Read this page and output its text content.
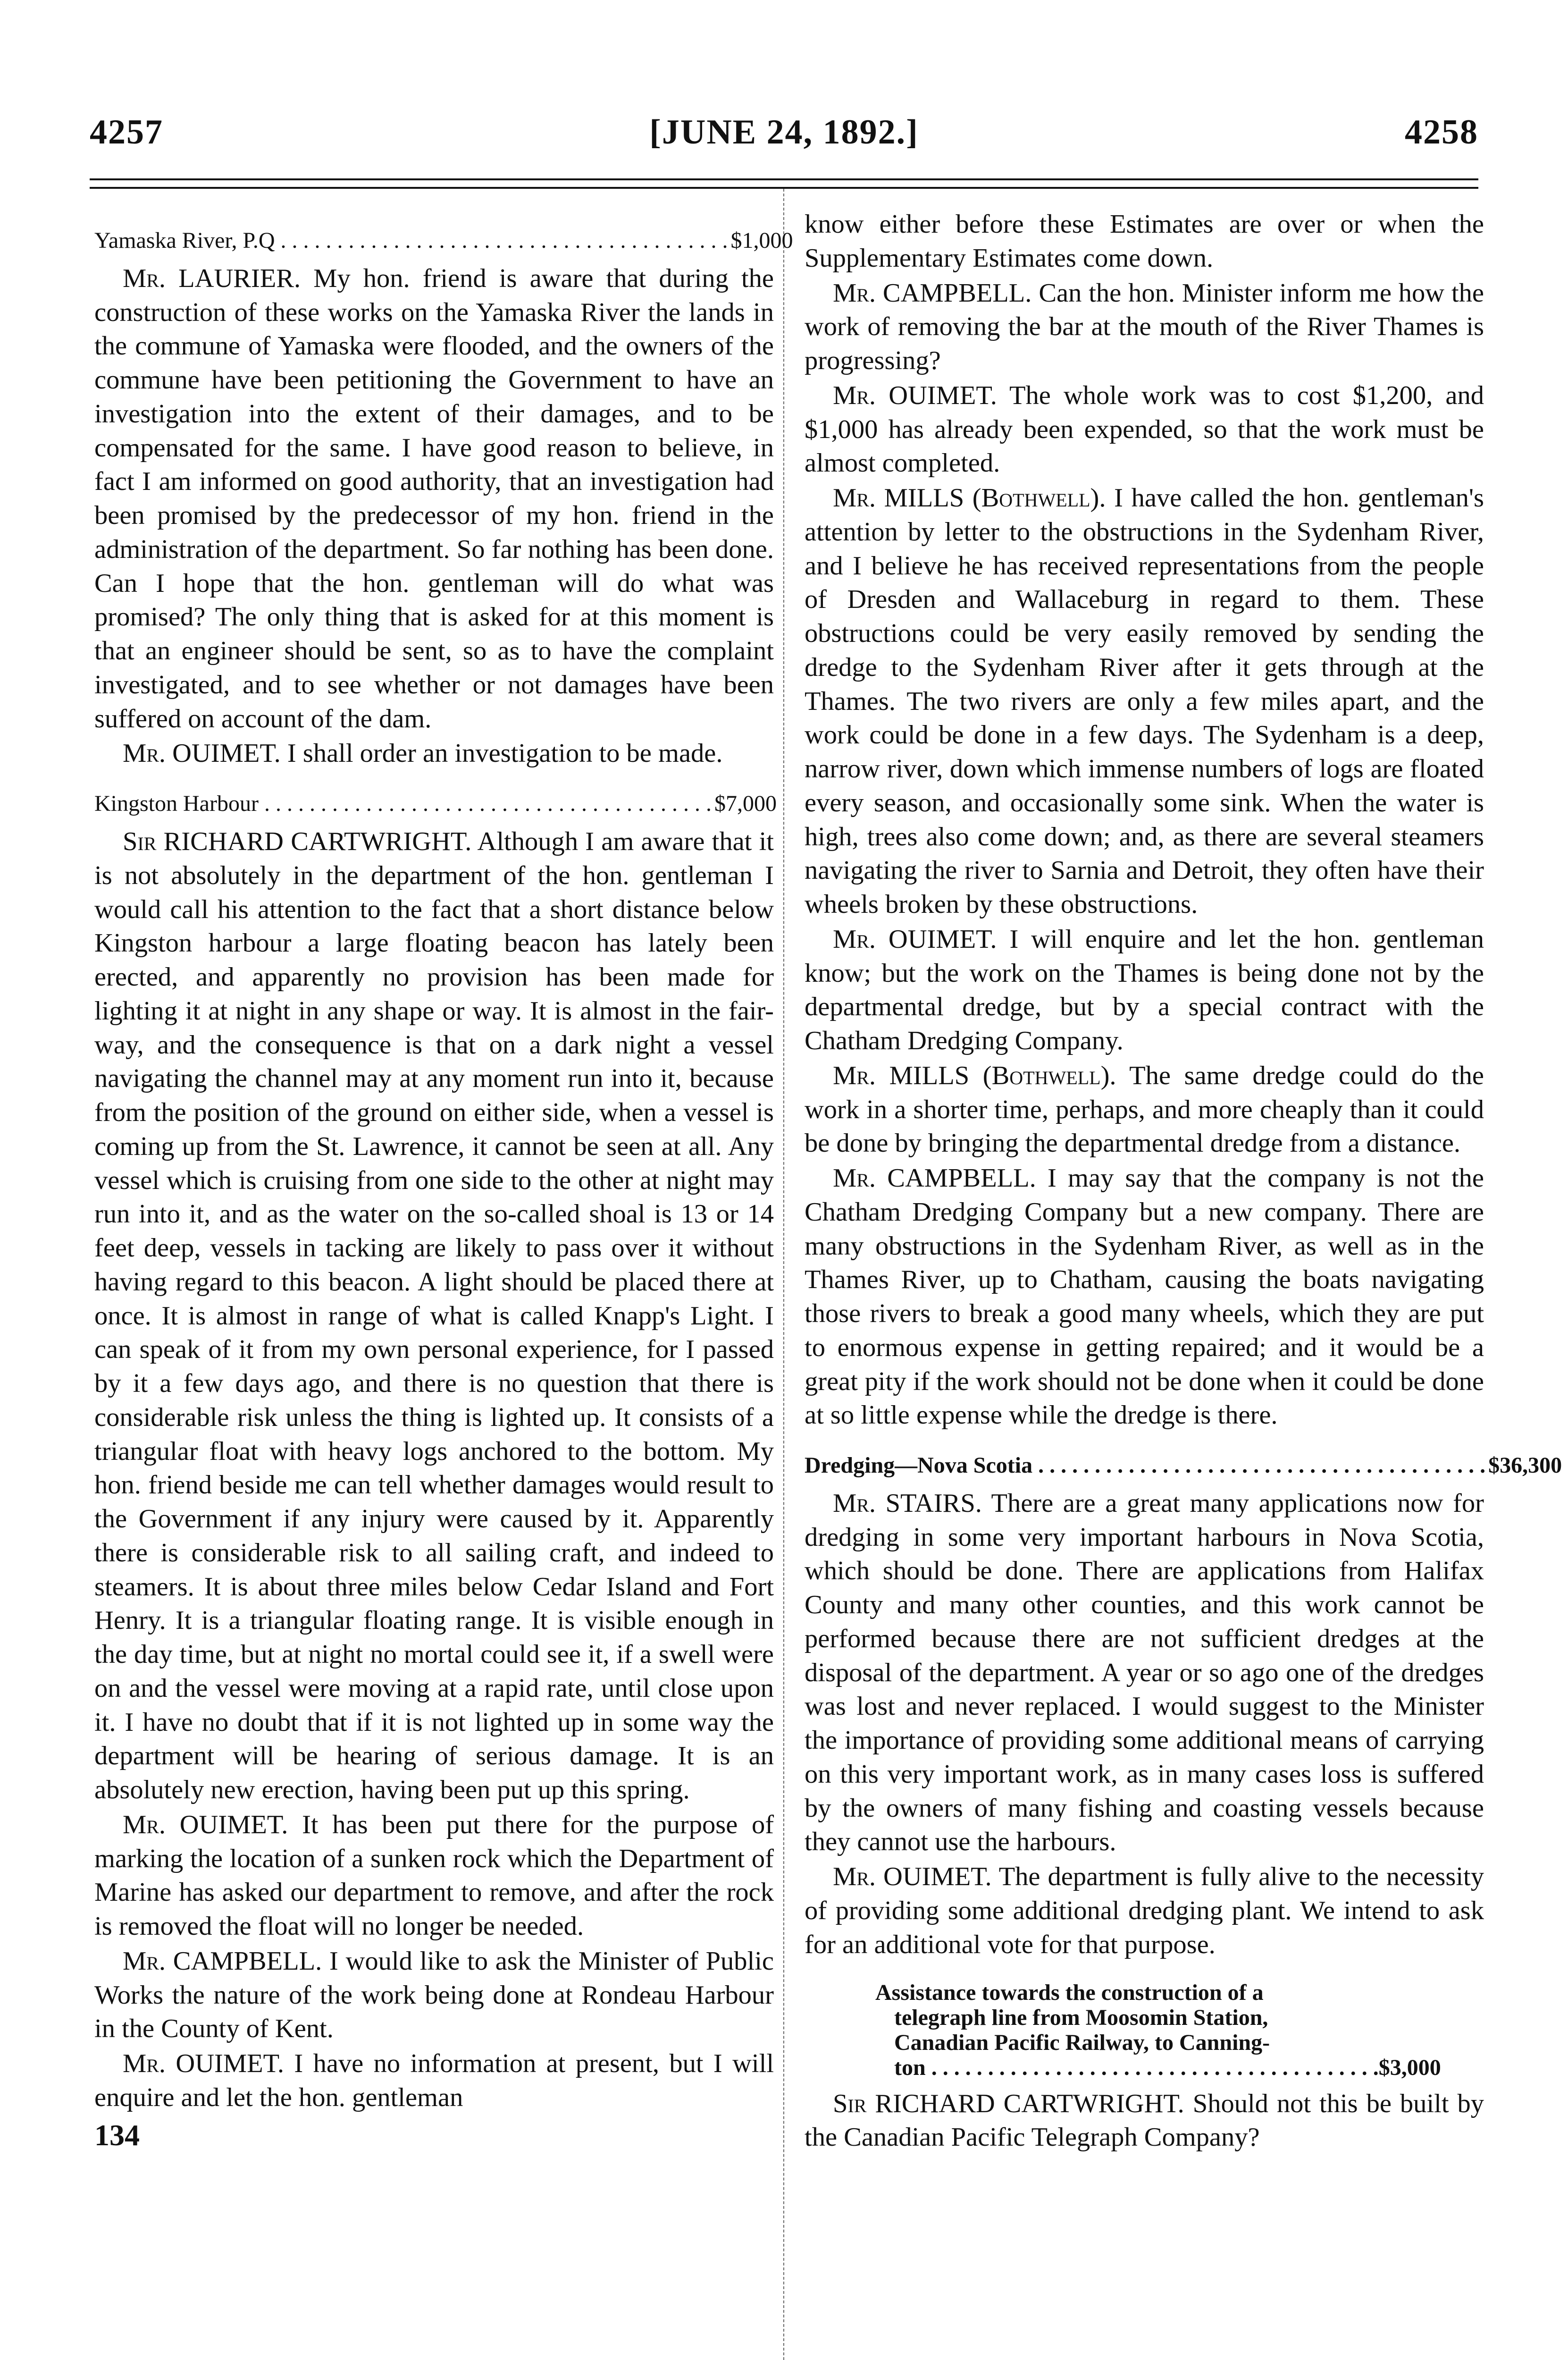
4257	[JUNE 24, 1892.]	4258

Yamaska River, P.Q . . .	$1,000

Mr. LAURIER. My hon. friend is aware that during the construction of these works on the Yamaska River the lands in the commune of Yamaska were flooded, and the owners of the commune have been petitioning the Government to have an investigation into the extent of their damages, and to be compensated for the same. I have good reason to believe, in fact I am informed on good authority, that an investigation had been promised by the predecessor of my hon. friend in the administration of the department. So far nothing has been done. Can I hope that the hon. gentleman will do what was promised? The only thing that is asked for at this moment is that an engineer should be sent, so as to have the complaint investigated, and to see whether or not damages have been suffered on account of the dam.

Mr. OUIMET. I shall order an investigation to be made.

Kingston Harbour . . .	$7,000

Sir RICHARD CARTWRIGHT. Although I am aware that it is not absolutely in the department of the hon. gentleman I would call his attention to the fact that a short distance below Kingston harbour a large floating beacon has lately been erected, and apparently no provision has been made for lighting it at night in any shape or way. It is almost in the fair-way, and the consequence is that on a dark night a vessel navigating the channel may at any moment run into it, because from the position of the ground on either side, when a vessel is coming up from the St. Lawrence, it cannot be seen at all. Any vessel which is cruising from one side to the other at night may run into it, and as the water on the so-called shoal is 13 or 14 feet deep, vessels in tacking are likely to pass over it without having regard to this beacon. A light should be placed there at once. It is almost in range of what is called Knapp's Light. I can speak of it from my own personal experience, for I passed by it a few days ago, and there is no question that there is considerable risk unless the thing is lighted up. It consists of a triangular float with heavy logs anchored to the bottom. My hon. friend beside me can tell whether damages would result to the Government if any injury were caused by it. Apparently there is considerable risk to all sailing craft, and indeed to steamers. It is about three miles below Cedar Island and Fort Henry. It is a triangular floating range. It is visible enough in the day time, but at night no mortal could see it, if a swell were on and the vessel were moving at a rapid rate, until close upon it. I have no doubt that if it is not lighted up in some way the department will be hearing of serious damage. It is an absolutely new erection, having been put up this spring.

Mr. OUIMET. It has been put there for the purpose of marking the location of a sunken rock which the Department of Marine has asked our department to remove, and after the rock is removed the float will no longer be needed.

Mr. CAMPBELL. I would like to ask the Minister of Public Works the nature of the work being done at Rondeau Harbour in the County of Kent.

Mr. OUIMET. I have no information at present, but I will enquire and let the hon. gentleman

134

know either before these Estimates are over or when the Supplementary Estimates come down.

Mr. CAMPBELL. Can the hon. Minister inform me how the work of removing the bar at the mouth of the River Thames is progressing?

Mr. OUIMET. The whole work was to cost $1,200, and $1,000 has already been expended, so that the work must be almost completed.

Mr. MILLS (Bothwell). I have called the hon. gentleman's attention by letter to the obstructions in the Sydenham River, and I believe he has received representations from the people of Dresden and Wallaceburg in regard to them. These obstructions could be very easily removed by sending the dredge to the Sydenham River after it gets through at the Thames. The two rivers are only a few miles apart, and the work could be done in a few days. The Sydenham is a deep, narrow river, down which immense numbers of logs are floated every season, and occasionally some sink. When the water is high, trees also come down; and, as there are several steamers navigating the river to Sarnia and Detroit, they often have their wheels broken by these obstructions.

Mr. OUIMET. I will enquire and let the hon. gentleman know; but the work on the Thames is being done not by the departmental dredge, but by a special contract with the Chatham Dredging Company.

Mr. MILLS (Bothwell). The same dredge could do the work in a shorter time, perhaps, and more cheaply than it could be done by bringing the departmental dredge from a distance.

Mr. CAMPBELL. I may say that the company is not the Chatham Dredging Company but a new company. There are many obstructions in the Sydenham River, as well as in the Thames River, up to Chatham, causing the boats navigating those rivers to break a good many wheels, which they are put to enormous expense in getting repaired; and it would be a great pity if the work should not be done when it could be done at so little expense while the dredge is there.

Dredging—Nova Scotia . . .	$36,300

Mr. STAIRS. There are a great many applications now for dredging in some very important harbours in Nova Scotia, which should be done. There are applications from Halifax County and many other counties, and this work cannot be performed because there are not sufficient dredges at the disposal of the department. A year or so ago one of the dredges was lost and never replaced. I would suggest to the Minister the importance of providing some additional means of carrying on this very important work, as in many cases loss is suffered by the owners of many fishing and coasting vessels because they cannot use the harbours.

Mr. OUIMET. The department is fully alive to the necessity of providing some additional dredging plant. We intend to ask for an additional vote for that purpose.

Assistance towards the construction of a
telegraph line from Moosomin Station,
Canadian Pacific Railway, to Canning-
ton . . .	$3,000

Sir RICHARD CARTWRIGHT. Should not this be built by the Canadian Pacific Telegraph Company?
